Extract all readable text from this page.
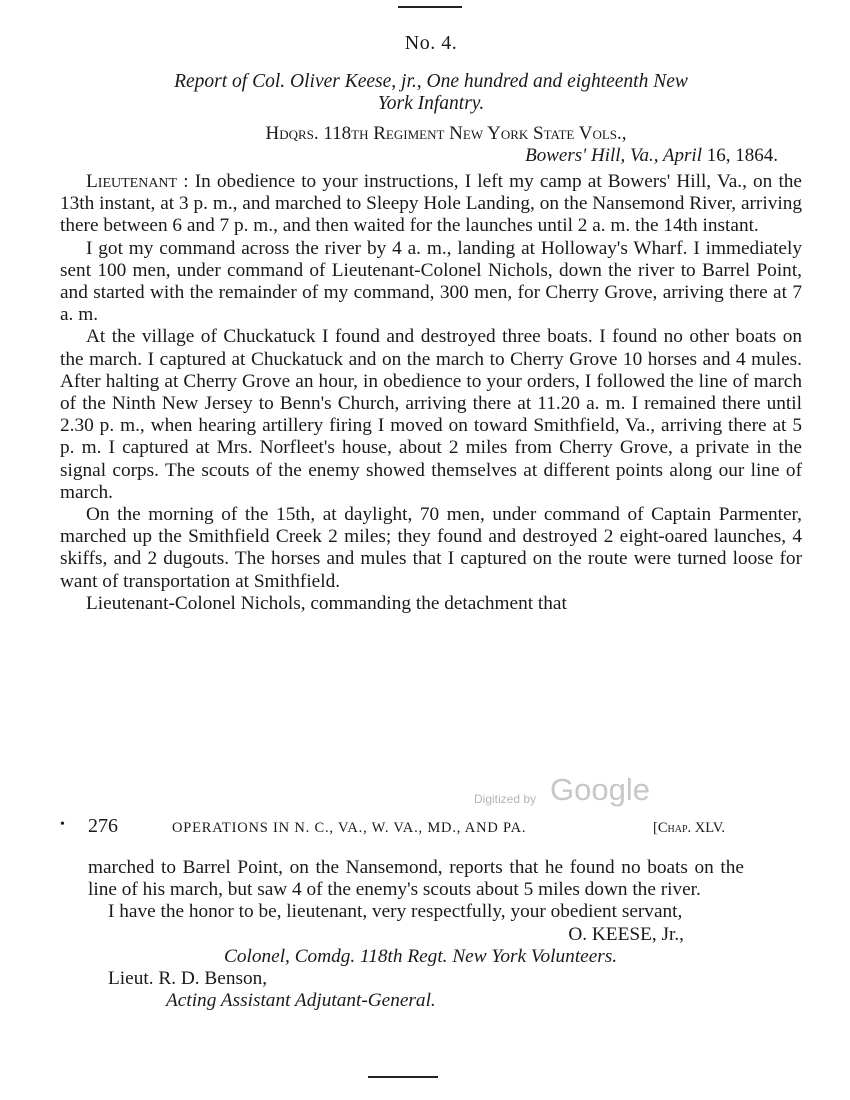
No. 4.

Report of Col. Oliver Keese, jr., One hundred and eighteenth New
York Infantry.

Hdqrs. 118th Regiment New York State Vols.,

Bowers' Hill, Va., April 16, 1864.

Lieutenant : In obedience to your instructions, I left my camp at Bowers' Hill, Va., on the 13th instant, at 3 p. m., and marched to Sleepy Hole Landing, on the Nansemond River, arriving there between 6 and 7 p. m., and then waited for the launches until 2 a. m. the 14th instant.

I got my command across the river by 4 a. m., landing at Holloway's Wharf. I immediately sent 100 men, under command of Lieutenant-Colonel Nichols, down the river to Barrel Point, and started with the remainder of my command, 300 men, for Cherry Grove, arriving there at 7 a. m.

At the village of Chuckatuck I found and destroyed three boats. I found no other boats on the march. I captured at Chuckatuck and on the march to Cherry Grove 10 horses and 4 mules. After halting at Cherry Grove an hour, in obedience to your orders, I followed the line of march of the Ninth New Jersey to Benn's Church, arriving there at 11.20 a. m. I remained there until 2.30 p. m., when hearing artillery firing I moved on toward Smithfield, Va., arriving there at 5 p. m. I captured at Mrs. Norfleet's house, about 2 miles from Cherry Grove, a private in the signal corps. The scouts of the enemy showed themselves at different points along our line of march.

On the morning of the 15th, at daylight, 70 men, under command of Captain Parmenter, marched up the Smithfield Creek 2 miles; they found and destroyed 2 eight-oared launches, 4 skiffs, and 2 dugouts. The horses and mules that I captured on the route were turned loose for want of transportation at Smithfield.

Lieutenant-Colonel Nichols, commanding the detachment that

Digitized by Google
• 276	OPERATIONS IN N. C., VA., W. VA., MD., AND PA.	[Chap. XLV.

marched to Barrel Point, on the Nansemond, reports that he found no boats on the line of his march, but saw 4 of the enemy's scouts about 5 miles down the river.

I have the honor to be, lieutenant, very respectfully, your obedient servant,

O. KEESE, Jr.,

Colonel, Comdg. 118th Regt. New York Volunteers.

Lieut. R. D. Benson,

Acting Assistant Adjutant-General.
